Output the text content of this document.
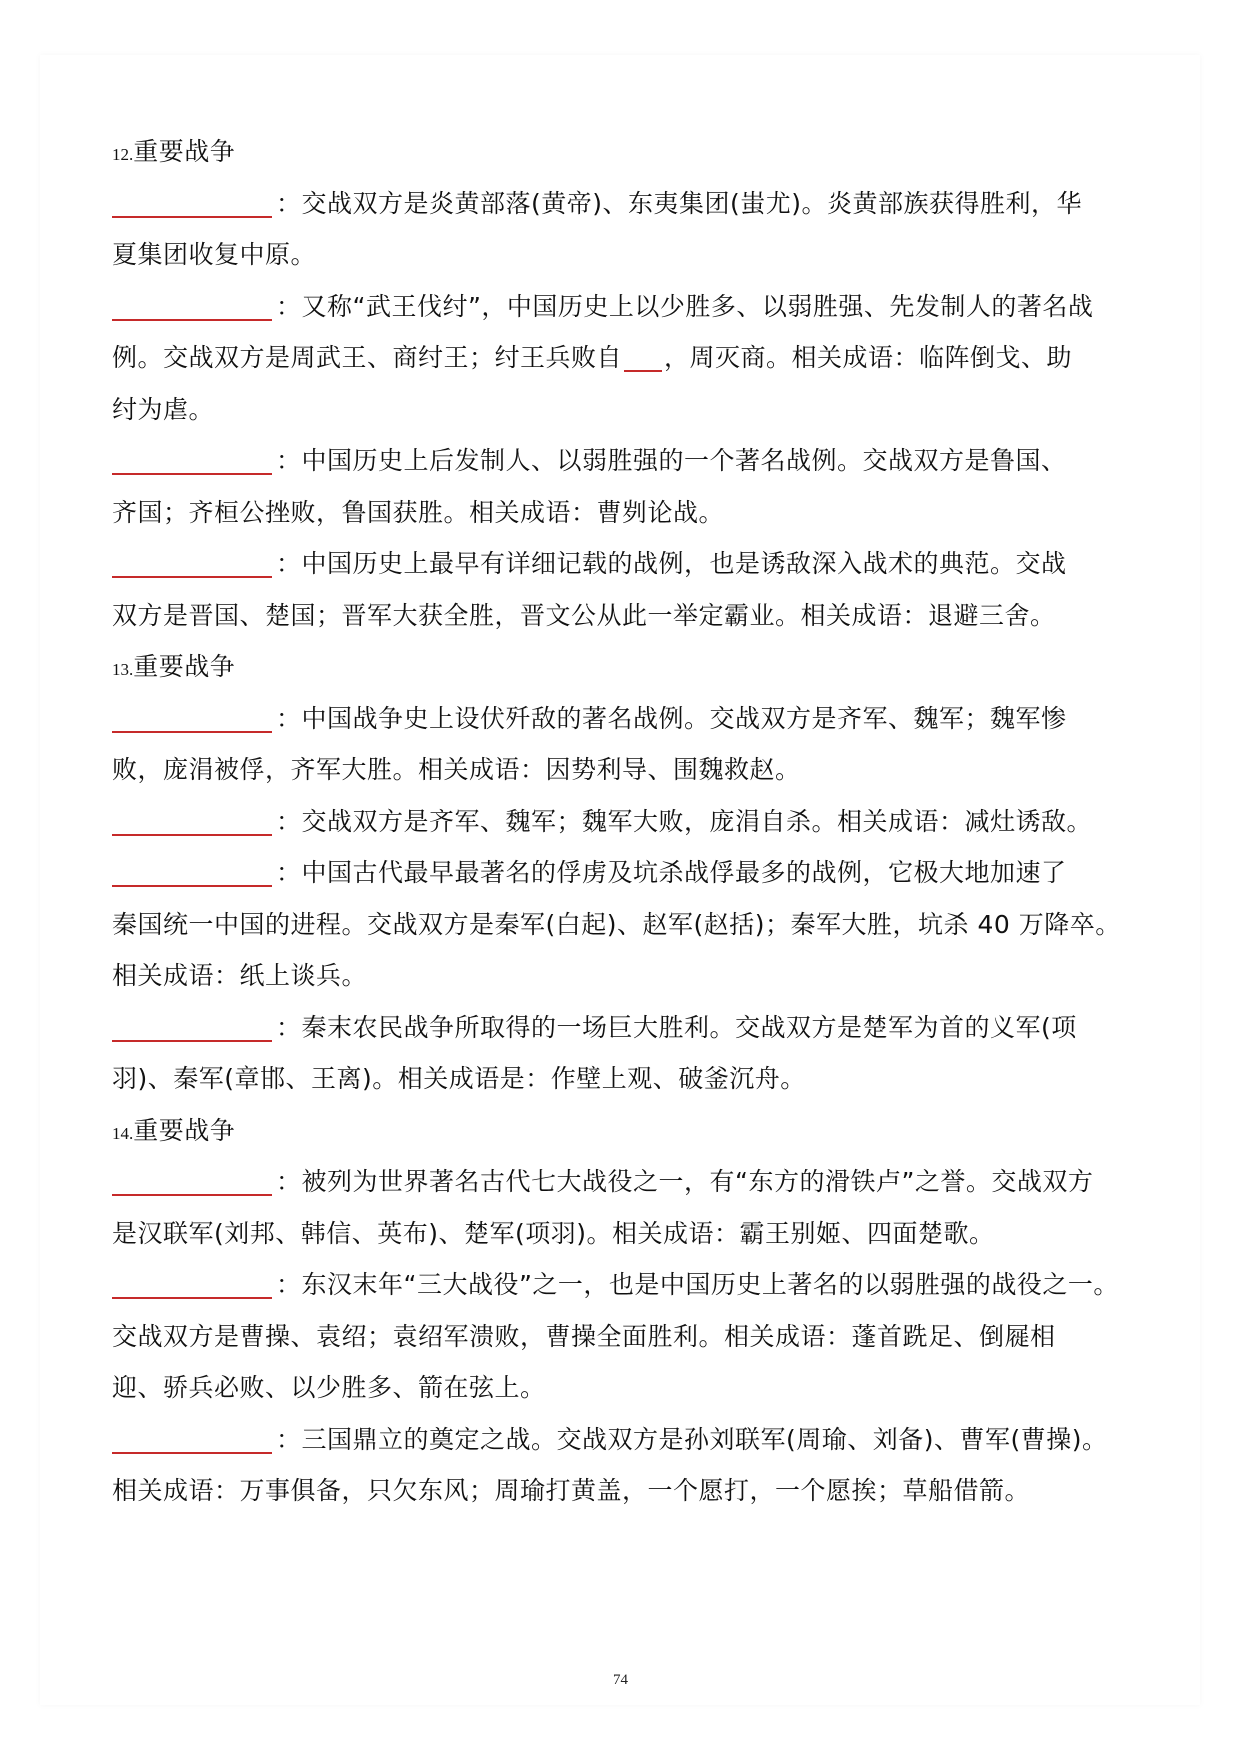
12.重要战争
：交战双方是炎黄部落(黄帝)、东夷集团(蚩尤)。炎黄部族获得胜利，华
夏集团收复中原。
：又称“武王伐纣”，中国历史上以少胜多、以弱胜强、先发制人的著名战
例。交战双方是周武王、商纣王；纣王兵败自 ，周灭商。相关成语：临阵倒戈、助
纣为虐。
：中国历史上后发制人、以弱胜强的一个著名战例。交战双方是鲁国、
齐国；齐桓公挫败，鲁国获胜。相关成语：曹刿论战。
：中国历史上最早有详细记载的战例，也是诱敌深入战术的典范。交战
双方是晋国、楚国；晋军大获全胜，晋文公从此一举定霸业。相关成语：退避三舍。
13.重要战争
：中国战争史上设伏歼敌的著名战例。交战双方是齐军、魏军；魏军惨
败，庞涓被俘，齐军大胜。相关成语：因势利导、围魏救赵。
：交战双方是齐军、魏军；魏军大败，庞涓自杀。相关成语：减灶诱敌。
：中国古代最早最著名的俘虏及坑杀战俘最多的战例，它极大地加速了
秦国统一中国的进程。交战双方是秦军(白起)、赵军(赵括)；秦军大胜，坑杀 40 万降卒。
相关成语：纸上谈兵。
：秦末农民战争所取得的一场巨大胜利。交战双方是楚军为首的义军(项
羽)、秦军(章邯、王离)。相关成语是：作壁上观、破釜沉舟。
14.重要战争
：被列为世界著名古代七大战役之一，有“东方的滑铁卢”之誉。交战双方
是汉联军(刘邦、韩信、英布)、楚军(项羽)。相关成语：霸王别姬、四面楚歌。
：东汉末年“三大战役”之一，也是中国历史上著名的以弱胜强的战役之一。
交战双方是曹操、袁绍；袁绍军溃败，曹操全面胜利。相关成语：蓬首跣足、倒屣相
迎、骄兵必败、以少胜多、箭在弦上。
：三国鼎立的奠定之战。交战双方是孙刘联军(周瑜、刘备)、曹军(曹操)。
相关成语：万事俱备，只欠东风；周瑜打黄盖，一个愿打，一个愿挨；草船借箭。
74
